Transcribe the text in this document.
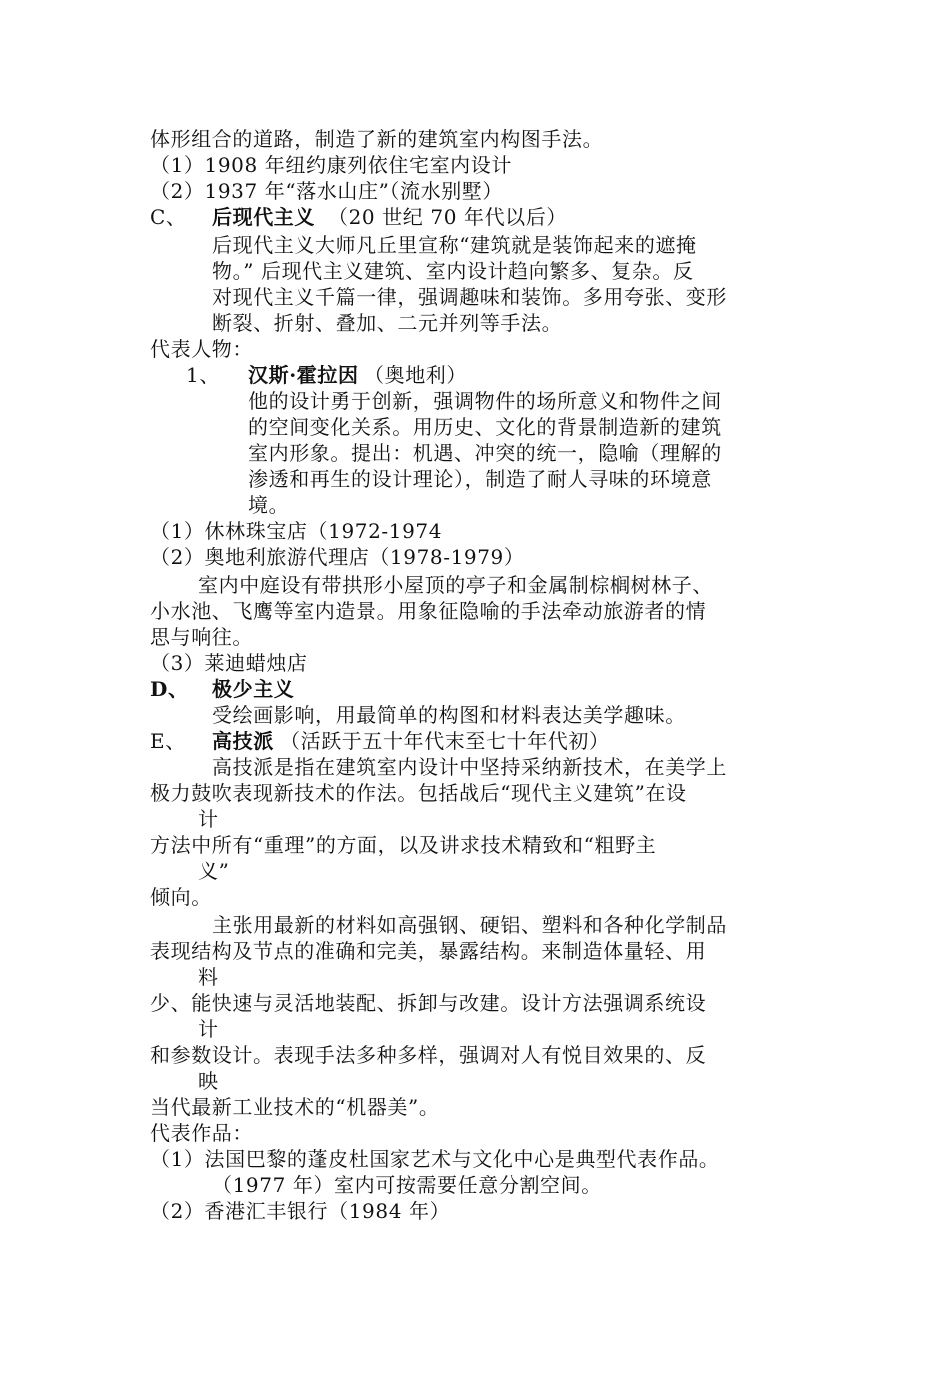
体形组合的道路，制造了新的建筑室内构图手法。
（1）1908 年纽约康列依住宅室内设计
（2）1937 年“落水山庄”（流水别墅）
C、 后现代主义 （20 世纪 70 年代以后）
后现代主义大师凡丘里宣称“建筑就是装饰起来的遮掩
物。” 后现代主义建筑、室内设计趋向繁多、复杂。反
对现代主义千篇一律，强调趣味和装饰。多用夸张、变形
断裂、折射、叠加、二元并列等手法。
代表人物：
1、 汉斯·霍拉因 （奥地利）
他的设计勇于创新，强调物件的场所意义和物件之间
的空间变化关系。用历史、文化的背景制造新的建筑
室内形象。提出：机遇、冲突的统一，隐喻（理解的
渗透和再生的设计理论），制造了耐人寻味的环境意
境。
（1）休林珠宝店（1972-1974
（2）奥地利旅游代理店（1978-1979）
室内中庭设有带拱形小屋顶的亭子和金属制棕榈树林子、
小水池、飞鹰等室内造景。用象征隐喻的手法牵动旅游者的情
思与响往。
（3）莱迪蜡烛店
D、 极少主义
受绘画影响，用最简单的构图和材料表达美学趣味。
E、 高技派 （活跃于五十年代末至七十年代初）
高技派是指在建筑室内设计中坚持采纳新技术，在美学上
极力鼓吹表现新技术的作法。包括战后“现代主义建筑”在设
计
方法中所有“重理”的方面，以及讲求技术精致和“粗野主
义”
倾向。
主张用最新的材料如高强钢、硬铝、塑料和各种化学制品
表现结构及节点的准确和完美，暴露结构。来制造体量轻、用
料
少、能快速与灵活地装配、拆卸与改建。设计方法强调系统设
计
和参数设计。表现手法多种多样，强调对人有悦目效果的、反
映
当代最新工业技术的“机器美”。
代表作品：
（1）法国巴黎的蓬皮杜国家艺术与文化中心是典型代表作品。
（1977 年）室内可按需要任意分割空间。
（2）香港汇丰银行（1984 年）
